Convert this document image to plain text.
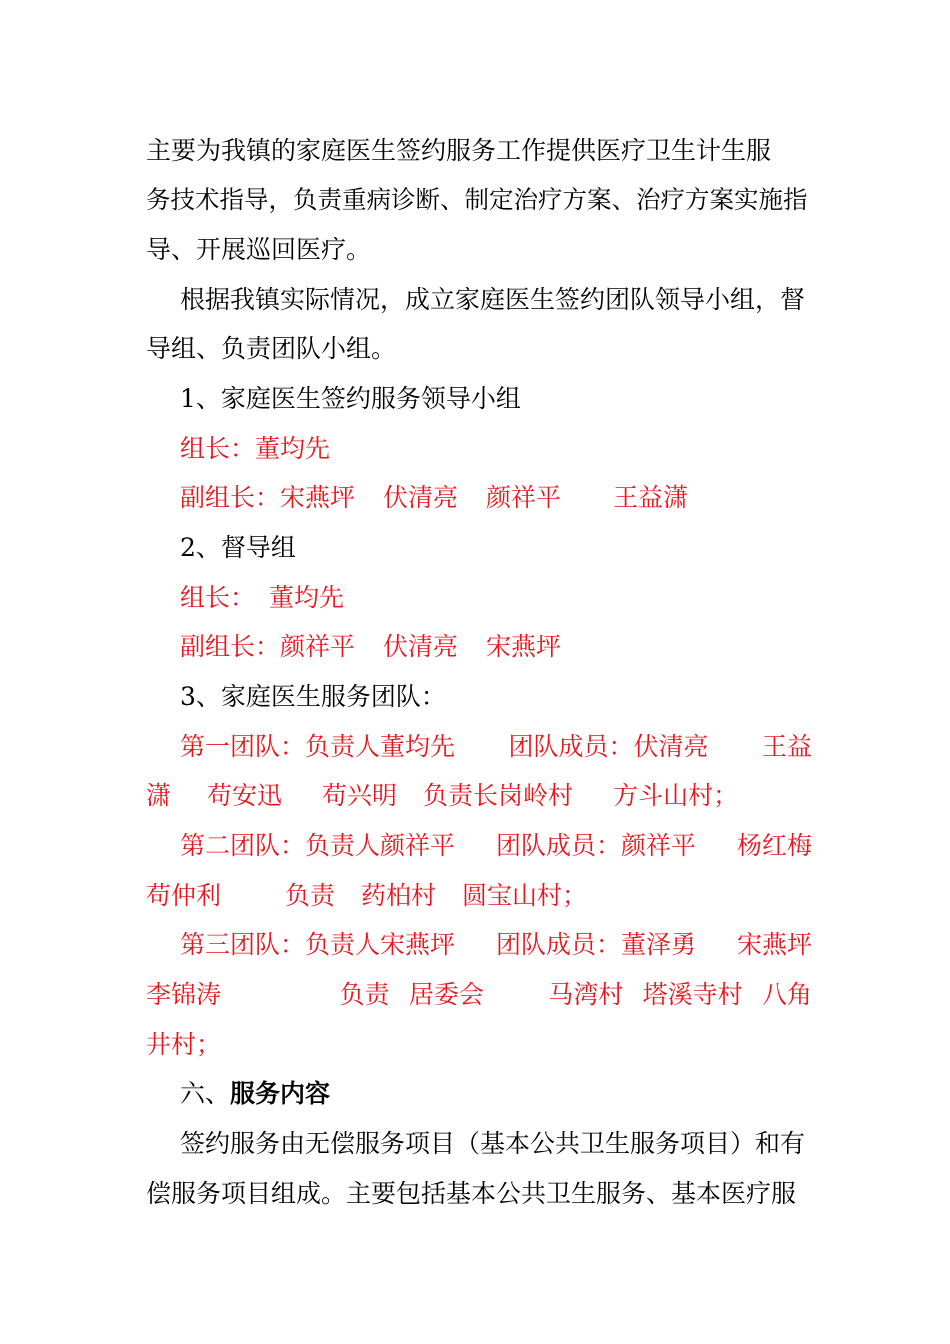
主要为我镇的家庭医生签约服务工作提供医疗卫生计生服
务技术指导，负责重病诊断、制定治疗方案、治疗方案实施指
导、开展巡回医疗。
根据我镇实际情况，成立家庭医生签约团队领导小组，督
导组、负责团队小组。
1、家庭医生签约服务领导小组
组长：董均先
副组长：宋燕坪 伏清亮 颜祥平 王益潇
2、督导组
组长： 董均先
副组长：颜祥平 伏清亮 宋燕坪
3、家庭医生服务团队：
第一团队：负责人董均先 团队成员：伏清亮 王益
潇 苟安迅 苟兴明 负责长岗岭村 方斗山村；
第二团队：负责人颜祥平 团队成员：颜祥平 杨红梅
苟仲利	负责 药柏村 圆宝山村；
第三团队：负责人宋燕坪 团队成员：董泽勇 宋燕坪
李锦涛	负责 居委会	马湾村 塔溪寺村 八角
井村；
六、服务内容
签约服务由无偿服务项目（基本公共卫生服务项目）和有
偿服务项目组成。主要包括基本公共卫生服务、基本医疗服
